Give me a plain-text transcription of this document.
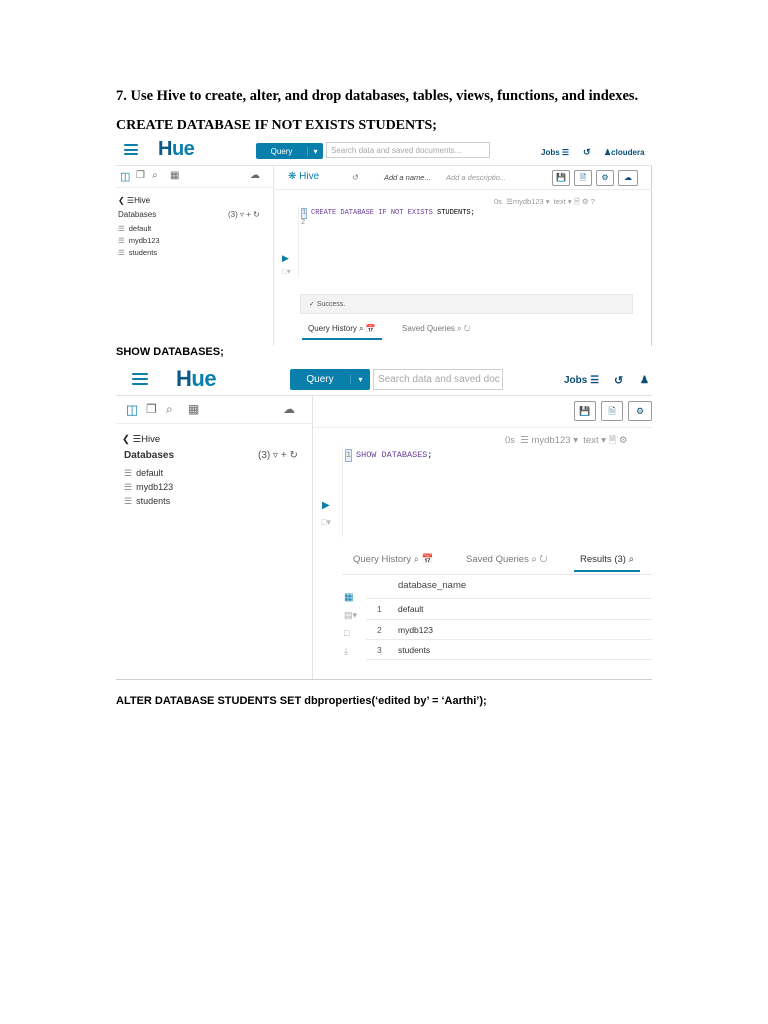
7. Use Hive to create, alter, and drop databases, tables, views, functions, and indexes.
CREATE DATABASE IF NOT EXISTS STUDENTS;
Hue	Query	▾	Search data and saved documents...	Jobs ☰ ↺ ♟cloudera
◫ ❐ ⌕ ▦	☁
❮ ☰Hive
Databases	(3) ▿ + ↻
☰ default
☰ mydb123
☰ students
❋ Hive	↺	Add a name... Add a descriptio...	💾	🗎	⚙	☁
0s  ☰mydb123 ▾  text ▾ 🗎 ⚙ ?
1
2
CREATE DATABASE IF NOT EXISTS STUDENTS;
▶
□▾
✓ Success.
Query History ⌕ 📅	Saved Queries ⌕ ↻
SHOW DATABASES;
Hue	Query	▾	Search data and saved doc	Jobs ☰ ↺ ♟
◫ ❐ ⌕ ▦	☁
❮ ☰Hive
Databases	(3) ▿ + ↻
☰ default
☰ mydb123
☰ students
💾	🗎	⚙
0s  ☰ mydb123 ▾  text ▾ 🗎 ⚙
1 SHOW DATABASES;
▶
□▾
Query History ⌕ 📅	Saved Queries ⌕ ↻	Results (3) ⌕
▦
▤▾
□
⤓
database_name
1 default
2 mydb123
3 students
ALTER DATABASE STUDENTS SET dbproperties(‘edited by’ = ‘Aarthi’);
